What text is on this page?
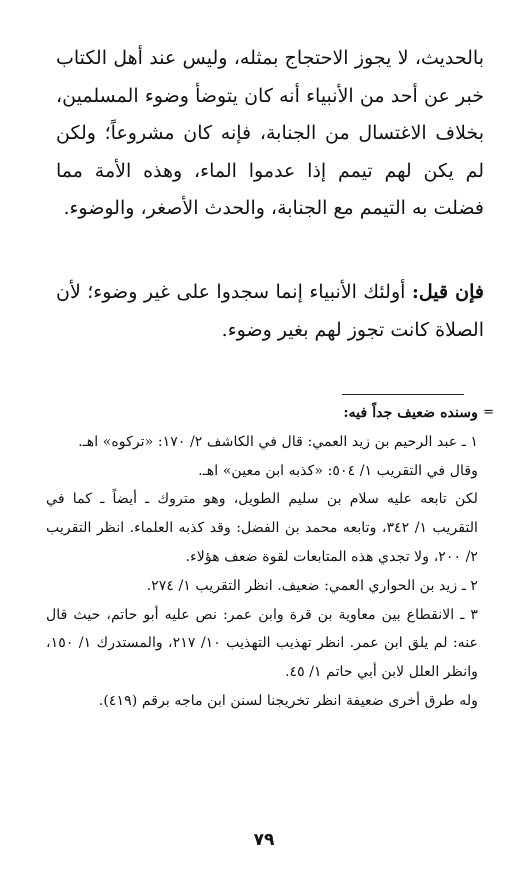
بالحديث، لا يجوز الاحتجاج بمثله، وليس عند أهل الكتاب خبر عن أحد من الأنبياء أنه كان يتوضأ وضوء المسلمين، بخلاف الاغتسال من الجنابة، فإنه كان مشروعاً؛ ولكن لم يكن لهم تيمم إذا عدموا الماء، وهذه الأمة مما فضلت به التيمم مع الجنابة، والحدث الأصغر، والوضوء.

فإن قيل: أولئك الأنبياء إنما سجدوا على غير وضوء؛ لأن الصلاة كانت تجوز لهم بغير وضوء.

=

وسنده ضعيف جداً فيه:

١ ـ عبد الرحيم بن زيد العمي: قال في الكاشف ٢/ ١٧٠: «تركوه» اهـ.

وقال في التقريب ١/ ٥٠٤: «كذبه ابن معين» اهـ.

لكن تابعه عليه سلام بن سليم الطويل، وهو متروك ـ أيضاً ـ كما في التقريب ١/ ٣٤٢، وتابعه محمد بن الفضل: وقد كذبه العلماء. انظر التقريب ٢/ ٢٠٠، ولا تجدي هذه المتابعات لقوة ضعف هؤلاء.

٢ ـ زيد بن الحواري العمي: ضعيف. انظر التقريب ١/ ٢٧٤.

٣ ـ الانقطاع بين معاوية بن قرة وابن عمر: نص عليه أبو حاتم، حيث قال عنه: لم يلق ابن عمر. انظر تهذيب التهذيب ١٠/ ٢١٧، والمستدرك ١/ ١٥٠، وانظر العلل لابن أبي حاتم ١/ ٤٥.

وله طرق أخرى ضعيفة انظر تخريجنا لسنن ابن ماجه برقم (٤١٩).

٧٩
